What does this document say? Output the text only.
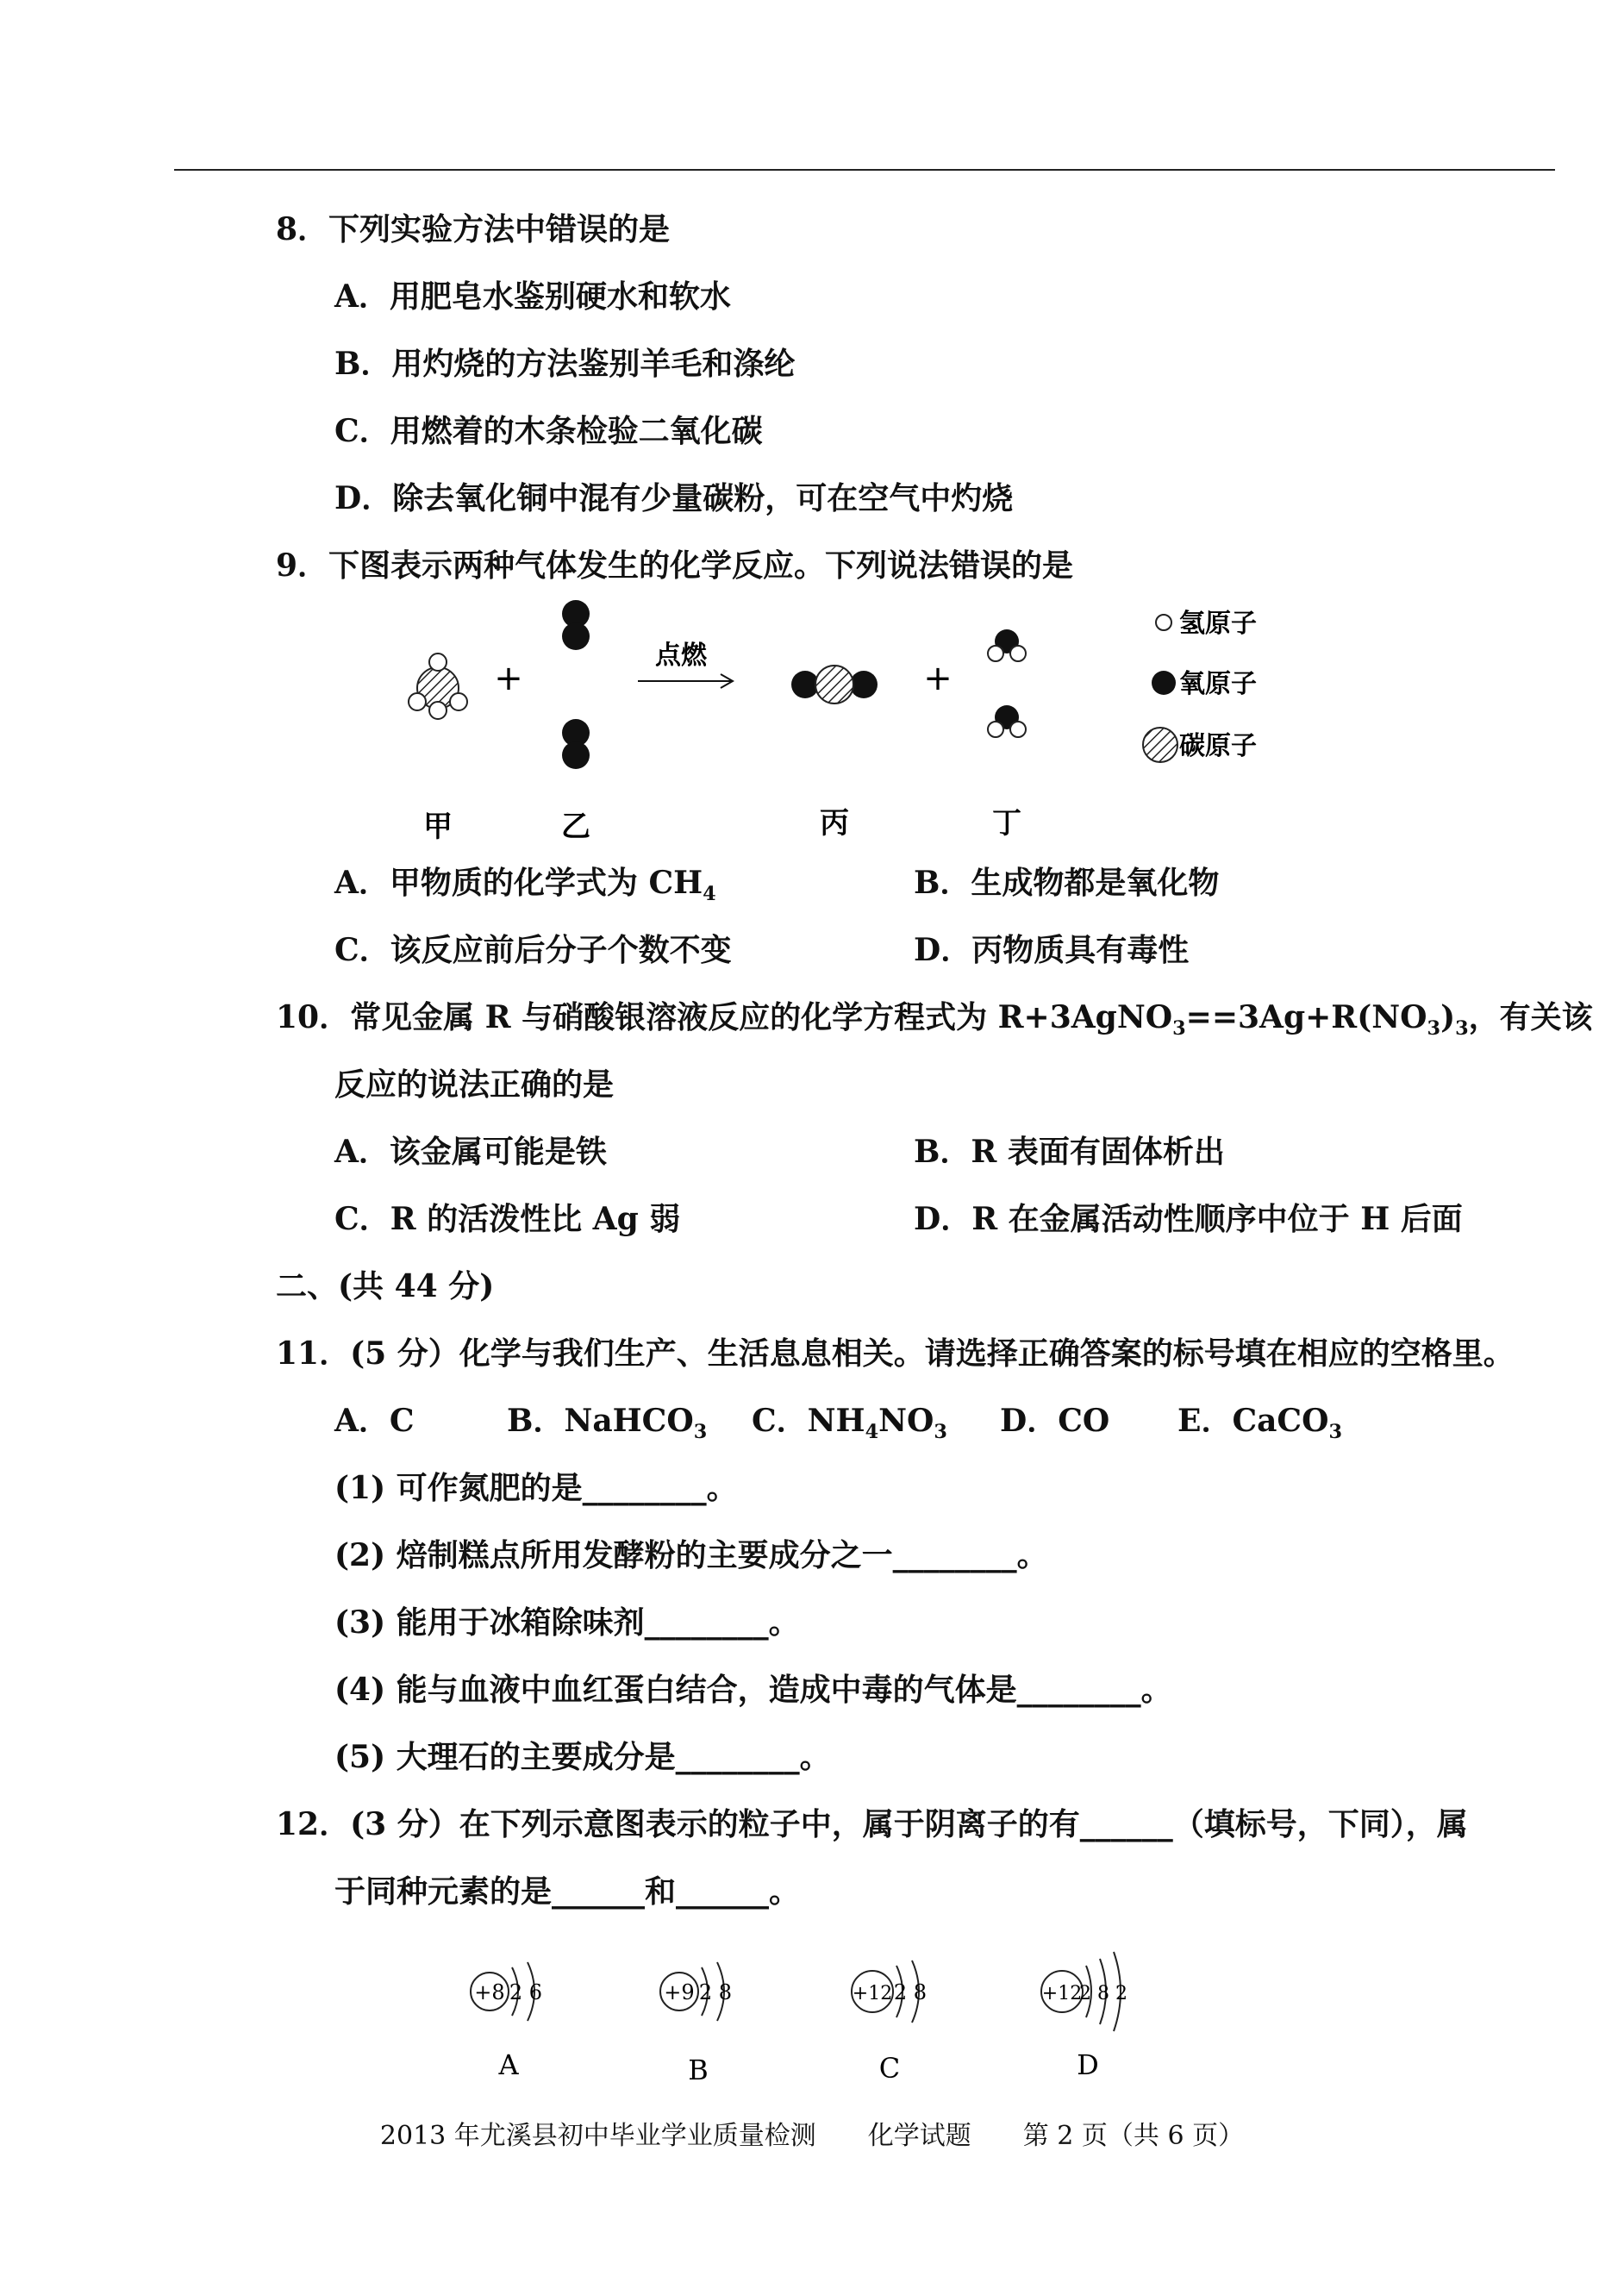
8．下列实验方法中错误的是
A．用肥皂水鉴别硬水和软水
B．用灼烧的方法鉴别羊毛和涤纶
C．用燃着的木条检验二氧化碳
D．除去氧化铜中混有少量碳粉，可在空气中灼烧
9．下图表示两种气体发生的化学反应。下列说法错误的是
+
点燃
+
氢原子
氧原子
碳原子
甲	乙	丙	丁
A．甲物质的化学式为 $CH_4$	B．生成物都是氧化物
C．该反应前后分子个数不变	D．丙物质具有毒性
10．常见金属 R 与硝酸银溶液反应的化学方程式为 $R+3AgNO_3==3Ag+R(NO_3)_3$，有关该
反应的说法正确的是
A．该金属可能是铁	B．R 表面有固体析出
C．R 的活泼性比 Ag 弱	D．R 在金属活动性顺序中位于 H 后面
二、(共 44 分)
11．(5 分）化学与我们生产、生活息息相关。请选择正确答案的标号填在相应的空格里。
A．C	B．NaHCO$_3$ C．$NH_4NO_3$ D．CO E．CaCO$_3$
(1) 可作氮肥的是________。
(2) 焙制糕点所用发酵粉的主要成分之一________。
(3) 能用于冰箱除味剂________。
(4) 能与血液中血红蛋白结合，造成中毒的气体是________。
(5) 大理石的主要成分是________。
12．(3 分）在下列示意图表示的粒子中，属于阴离子的有______（填标号，下同），属
于同种元素的是______和______。
+8 2 6
A
+9 2 8
B
+12 2 8
C
+12
2 8 2
D
2013 年尤溪县初中毕业学业质量检测　　化学试题　　第 2 页（共 6 页）
